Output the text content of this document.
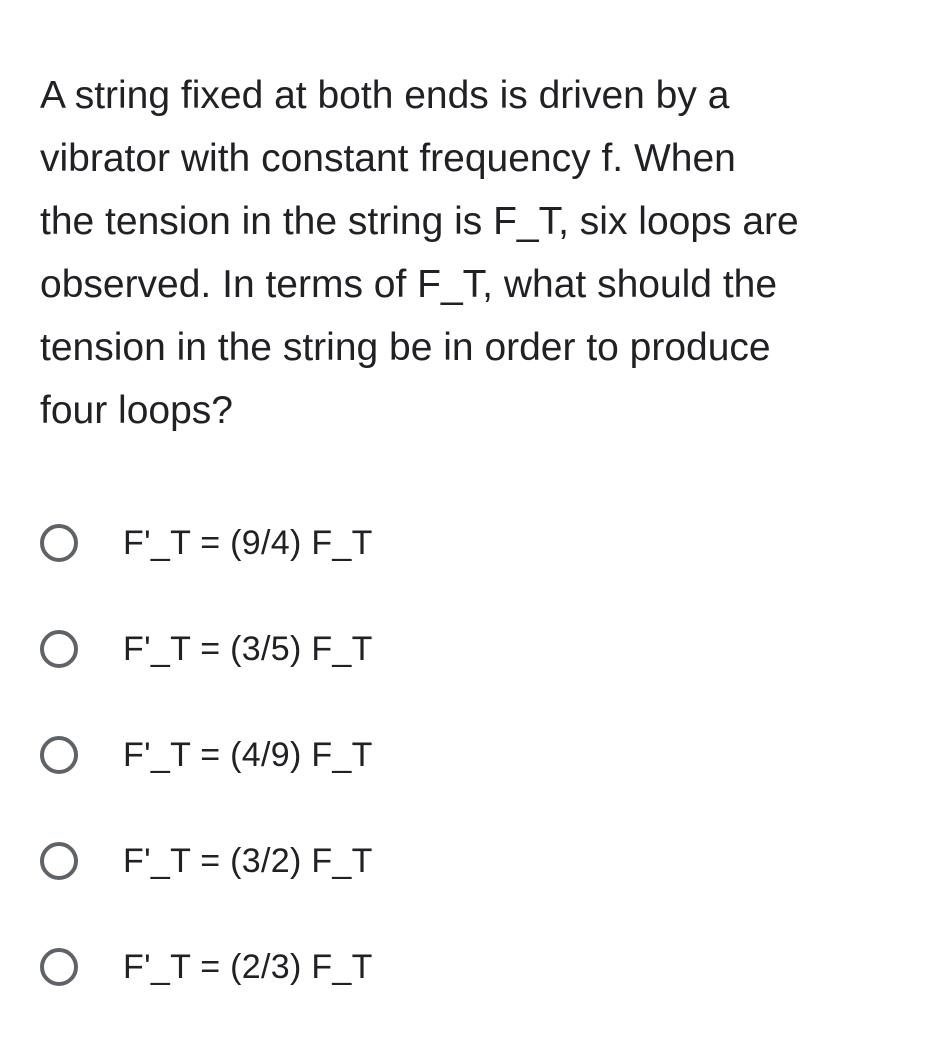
A string fixed at both ends is driven by a
vibrator with constant frequency f. When
the tension in the string is F_T, six loops are
observed. In terms of F_T, what should the
tension in the string be in order to produce
four loops?
F'_T = (9/4) F_T
F'_T = (3/5) F_T
F'_T = (4/9) F_T
F'_T = (3/2) F_T
F'_T = (2/3) F_T
